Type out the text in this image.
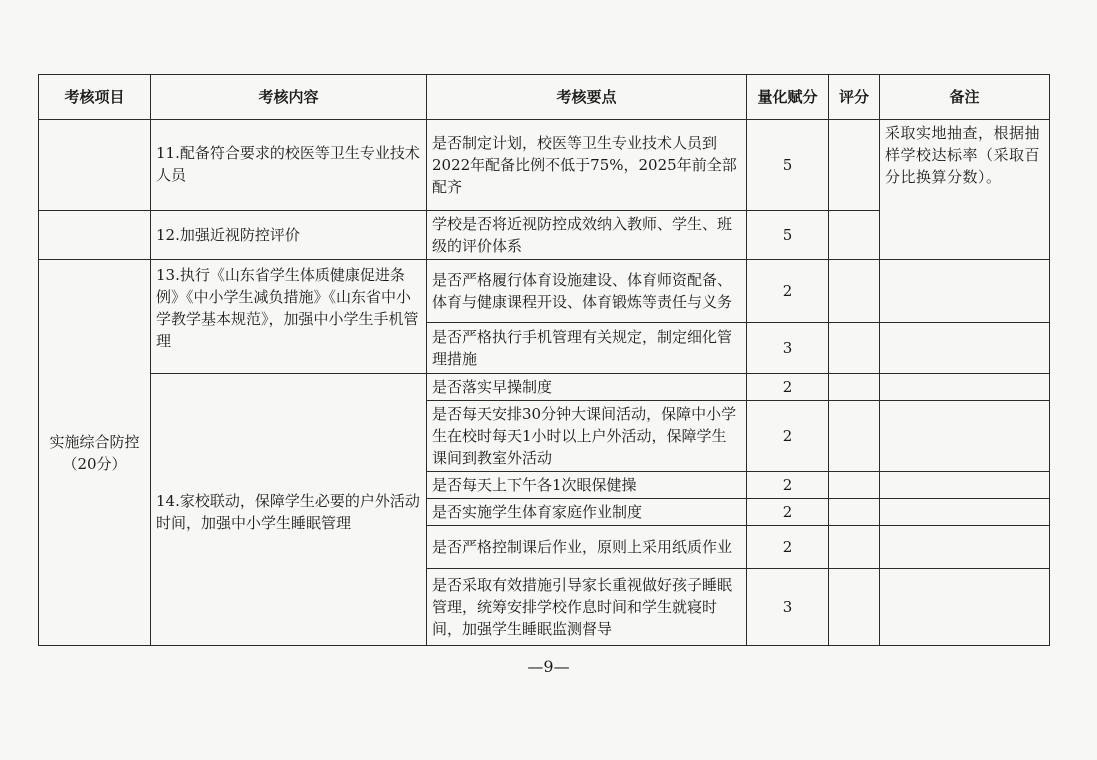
考核项目	考核内容	考核要点	量化赋分	评分	备注
	11.配备符合要求的校医等卫生专业技术人员	是否制定计划，校医等卫生专业技术人员到2022年配备比例不低于75%，2025年前全部配齐	5		采取实地抽查，根据抽样学校达标率（采取百分比换算分数）。
	12.加强近视防控评价	学校是否将近视防控成效纳入教师、学生、班级的评价体系	5		

实施综合防控
（20分）	13.执行《山东省学生体质健康促进条例》《中小学生减负措施》《山东省中小学教学基本规范》，加强中小学生手机管理	是否严格履行体育设施建设、体育师资配备、体育与健康课程开设、体育锻炼等责任与义务	2		
		是否严格执行手机管理有关规定，制定细化管理措施	3		
	14.家校联动，保障学生必要的户外活动时间，加强中小学生睡眠管理	是否落实早操制度	2		
		是否每天安排30分钟大课间活动，保障中小学生在校时每天1小时以上户外活动，保障学生课间到教室外活动	2		
		是否每天上下午各1次眼保健操	2		
		是否实施学生体育家庭作业制度	2		
		是否严格控制课后作业，原则上采用纸质作业	2		
		是否采取有效措施引导家长重视做好孩子睡眠管理，统筹安排学校作息时间和学生就寝时间，加强学生睡眠监测督导	3		
—9—
